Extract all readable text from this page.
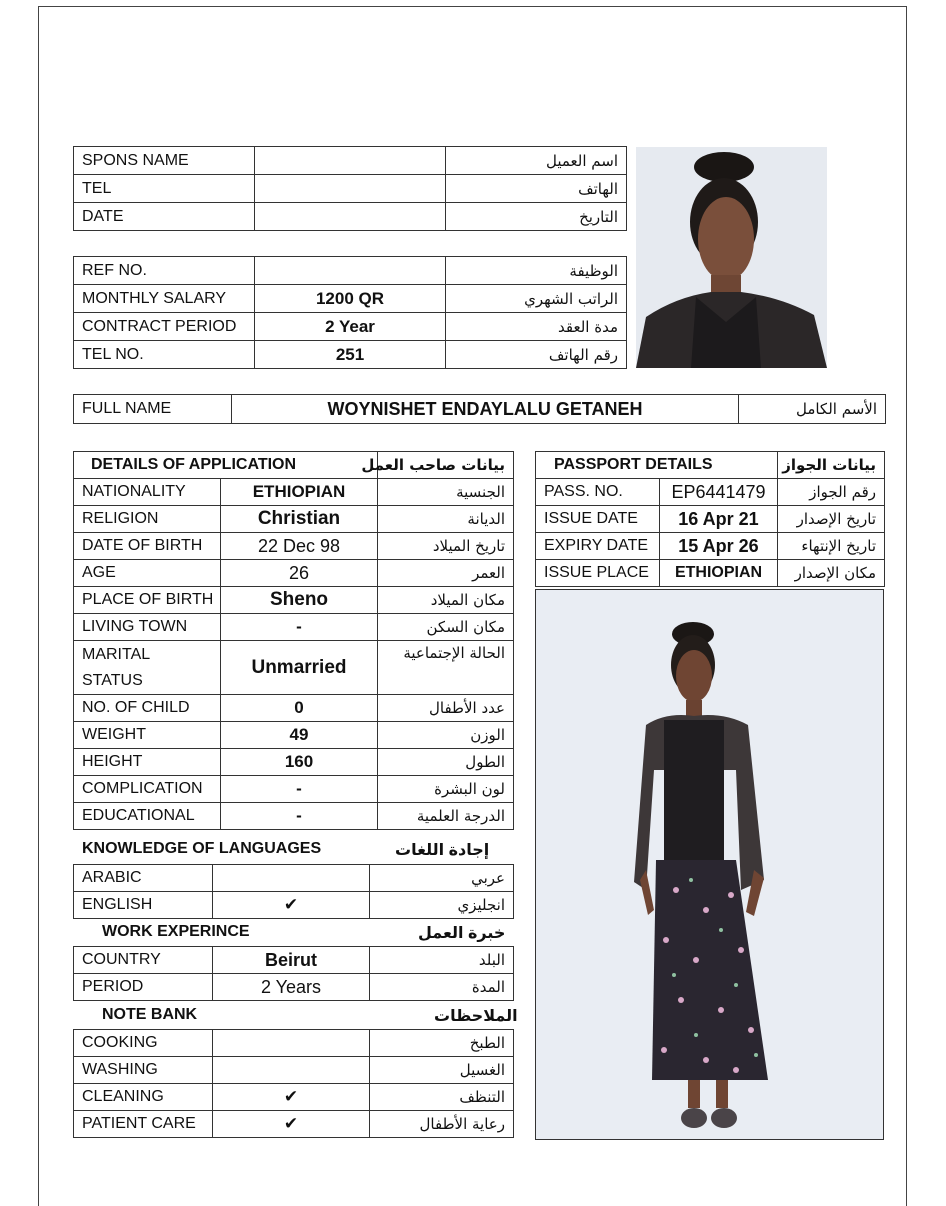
SPONS NAME		اسم العميل
TEL		الهاتف
DATE		التاريخ
REF NO.		الوظيفة
MONTHLY SALARY	1200 QR	الراتب الشهري
CONTRACT PERIOD	2 Year	مدة العقد
TEL NO.	251	رقم الهاتف
FULL NAME	WOYNISHET ENDAYLALU GETANEH	الأسم الكامل
DETAILS OF APPLICATION		بيانات صاحب العمل
NATIONALITY	ETHIOPIAN	الجنسية
RELIGION	Christian	الديانة
DATE OF BIRTH	22 Dec 98	تاريخ الميلاد
AGE	26	العمر
PLACE OF BIRTH	Sheno	مكان الميلاد
LIVING TOWN	-	مكان السكن
MARITAL
STATUS	Unmarried	الحالة الإجتماعية
NO. OF CHILD	0	عدد الأطفال
WEIGHT	49	الوزن
HEIGHT	160	الطول
COMPLICATION	-	لون البشرة
EDUCATIONAL	-	الدرجة العلمية
KNOWLEDGE OF LANGUAGES	إجادة اللغات
ARABIC		عربي
ENGLISH	✔	انجليزي
WORK EXPERINCE	خبرة العمل
COUNTRY	Beirut	البلد
PERIOD	2 Years	المدة
NOTE BANK	الملاحظات
COOKING		الطبخ
WASHING		الغسيل
CLEANING	✔	التنظف
PATIENT CARE	✔	رعاية الأطفال
PASSPORT DETAILS		بيانات الجواز
PASS. NO.	EP6441479	رقم الجواز
ISSUE DATE	16 Apr 21	تاريخ الإصدار
EXPIRY DATE	15 Apr 26	تاريخ الإنتهاء
ISSUE PLACE	ETHIOPIAN	مكان الإصدار
